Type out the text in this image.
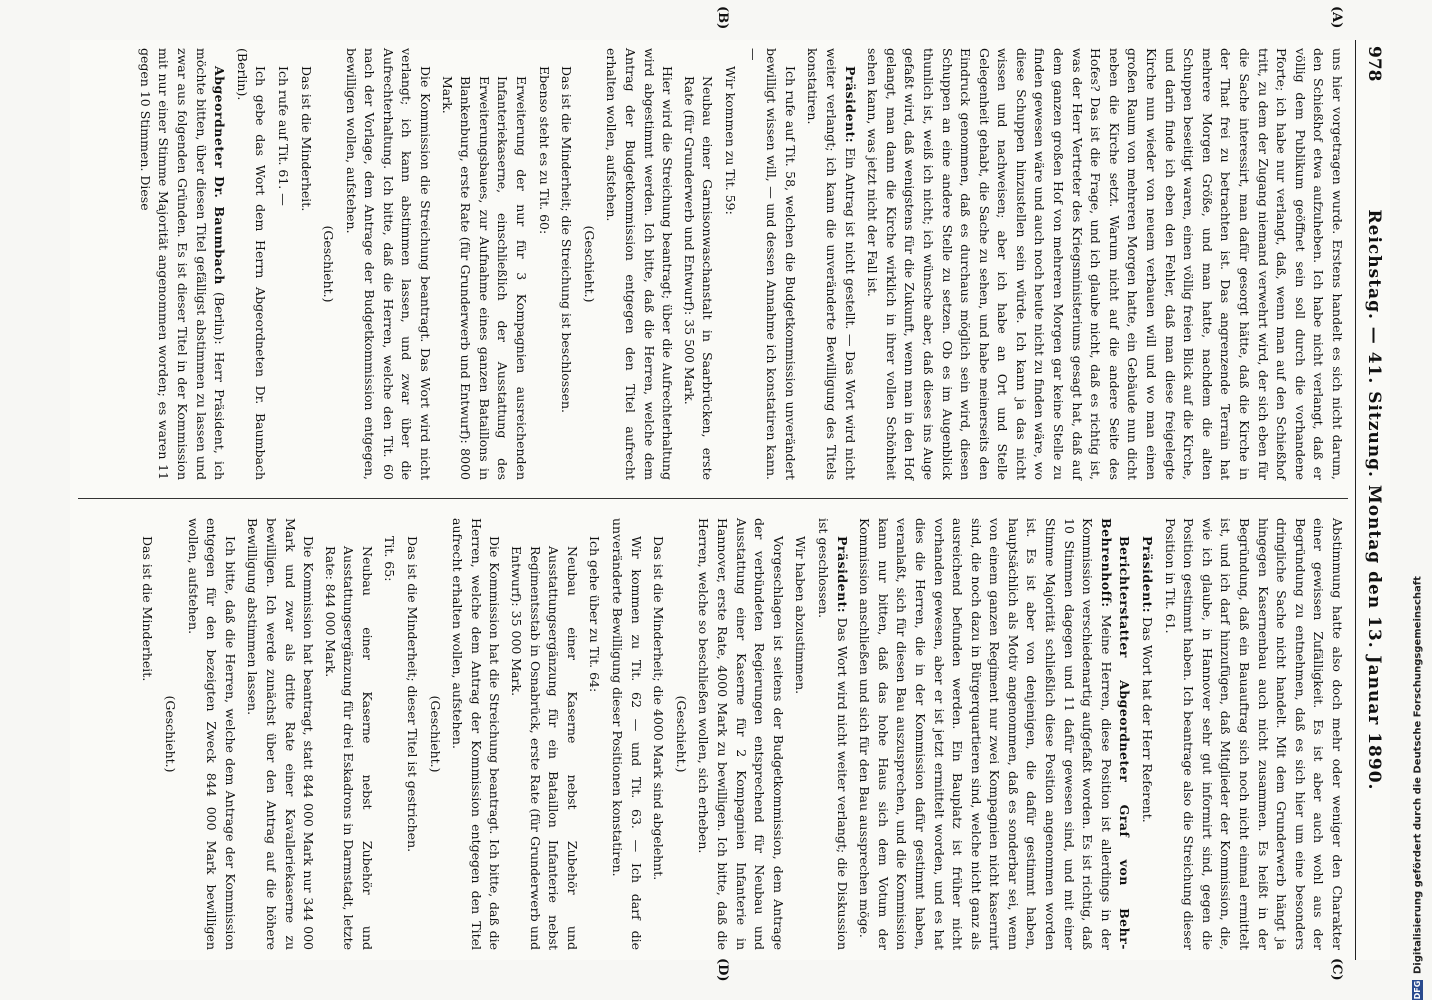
978
Reichstag. — 41. Sitzung. Montag den 13. Januar 1890.
(A)
(B)
(C)
(D)

uns hier vorgetragen wurde. Erstens handelt es sich nicht darum, den Schießhof etwa aufzuheben. Ich habe nicht verlangt, daß er völlig dem Publikum geöffnet sein soll durch die vorhandene Pforte; ich habe nur verlangt, daß, wenn man auf den Schießhof tritt, zu dem der Zugang niemand verwehrt wird, der sich eben für die Sache interessirt, man dafür gesorgt hätte, daß die Kirche in der That frei zu betrachten ist. Das angrenzende Terrain hat mehrere Morgen Größe, und man hatte, nachdem die alten Schuppen beseitigt waren, einen völlig freien Blick auf die Kirche, und darin finde ich eben den Fehler, daß man diese freigelegte Kirche nun wieder von neuem verbauen will und wo man einen großen Raum von mehreren Morgen hatte, ein Gebäude nun dicht neben die Kirche setzt. Warum nicht auf die andere Seite des Hofes? Das ist die Frage, und ich glaube nicht, daß es richtig ist, was der Herr Vertreter des Kriegsministeriums gesagt hat, daß auf dem ganzen großen Hof von mehreren Morgen gar keine Stelle zu finden gewesen wäre und auch noch heute nicht zu finden wäre, wo diese Schuppen hinzustellen sein würde. Ich kann ja das nicht wissen und nachweisen; aber ich habe an Ort und Stelle Gelegenheit gehabt, die Sache zu sehen, und habe meinerseits den Eindruck genommen, daß es durchaus möglich sein wird, diesen Schuppen an eine andere Stelle zu setzen. Ob es im Augenblick thunlich ist, weiß ich nicht; ich wünsche aber, daß dieses ins Auge gefaßt wird, daß wenigstens für die Zukunft, wenn man in den Hof gelangt, man dann die Kirche wirklich in ihrer vollen Schönheit sehen kann, was jetzt nicht der Fall ist.

Präsident: Ein Antrag ist nicht gestellt. — Das Wort wird nicht weiter verlangt; ich kann die unveränderte Bewilligung des Titels konstatiren.

Ich rufe auf Tit. 58, welchen die Budgetkommission unverändert bewilligt wissen will, — und dessen Annahme ich konstatiren kann. —

Wir kommen zu Tit. 59:

Neubau einer Garnisonwaschanstalt in Saarbrücken, erste Rate (für Grunderwerb und Entwurf): 35 500 Mark.

Hier wird die Streichung beantragt; über die Aufrechterhaltung wird abgestimmt werden. Ich bitte, daß die Herren, welche dem Antrag der Budgetkommission entgegen den Titel aufrecht erhalten wollen, aufstehen.

(Geschieht.)

Das ist die Minderheit; die Streichung ist beschlossen.

Ebenso steht es zu Tit. 60:

Erweiterung der nur für 3 Kompagnien ausreichenden Infanteriekaserne, einschließlich der Ausstattung des Erweiterungsbaues, zur Aufnahme eines ganzen Bataillons in Blankenburg, erste Rate (für Grunderwerb und Entwurf): 8000 Mark.

Die Kommission die Streichung beantragt. Das Wort wird nicht verlangt; ich kann abstimmen lassen, und zwar über die Aufrechterhaltung. Ich bitte, daß die Herren, welche den Tit. 60 nach der Vorlage, dem Antrage der Budgetkommission entgegen, bewilligen wollen, aufstehen.

(Geschieht.)

Das ist die Minderheit.

Ich rufe auf Tit. 61. —

Ich gebe das Wort dem Herrn Abgeordneten Dr. Baumbach (Berlin).

Abgeordneter Dr. Baumbach (Berlin): Herr Präsident, ich möchte bitten, über diesen Titel gefälligst abstimmen zu lassen und zwar aus folgenden Gründen. Es ist dieser Titel in der Kommission mit nur einer Stimme Majorität angenommen worden; es waren 11 gegen 10 Stimmen. Diese

Abstimmung hatte also doch mehr oder weniger den Charakter einer gewissen Zufälligkeit. Es ist aber auch wohl aus der Begründung zu entnehmen, daß es sich hier um eine besonders dringliche Sache nicht handelt. Mit dem Grunderwerb hängt ja hingegen Kasernenbau auch nicht zusammen. Es heißt in der Begründung, daß ein Bauauftrag sich noch nicht einmal ermittelt ist, und ich darf hinzufügen, daß Mitglieder der Kommission, die, wie ich glaube, in Hannover sehr gut informirt sind, gegen die Position gestimmt haben. Ich beantrage also die Streichung dieser Position in Tit. 61.

Präsident: Das Wort hat der Herr Referent.

Berichterstatter Abgeordneter Graf von Behr-Behrenhoff: Meine Herren, diese Position ist allerdings in der Kommission verschiedenartig aufgefaßt worden. Es ist richtig, daß 10 Stimmen dagegen und 11 dafür gewesen sind, und mit einer Stimme Majorität schließlich diese Position angenommen worden ist. Es ist aber von denjenigen, die dafür gestimmt haben, hauptsächlich als Motiv angenommen, daß es sonderbar sei, wenn von einem ganzen Regiment nur zwei Kompagnien nicht kasernirt sind, die noch dazu in Bürgerquartieren sind, welche nicht ganz als ausreichend befunden werden. Ein Bauplatz ist früher nicht vorhanden gewesen, aber er ist jetzt ermittelt worden, und es hat dies die Herren, die in der Kommission dafür gestimmt haben, veranlaßt, sich für diesen Bau auszusprechen, und die Kommission kann nur bitten, daß das hohe Haus sich dem Votum der Kommission anschließen und sich für den Bau aussprechen möge.

Präsident: Das Wort wird nicht weiter verlangt; die Diskussion ist geschlossen.

Wir haben abzustimmen.

Vorgeschlagen ist seitens der Budgetkommission, dem Antrage der verbündeten Regierungen entsprechend für Neubau und Ausstattung einer Kaserne für 2 Kompagnien Infanterie in Hannover, erste Rate, 4000 Mark zu bewilligen. Ich bitte, daß die Herren, welche so beschließen wollen, sich erheben.

(Geschieht.)

Das ist die Minderheit; die 4000 Mark sind abgelehnt.

Wir kommen zu Tit. 62 — und Tit. 63. — Ich darf die unveränderte Bewilligung dieser Positionen konstatiren.

Ich gehe über zu Tit. 64:

Neubau einer Kaserne nebst Zubehör und Ausstattungsergänzung für ein Bataillon Infanterie nebst Regimentsstab in Osnabrück, erste Rate (für Grunderwerb und Entwurf): 35 000 Mark.

Die Kommission hat die Streichung beantragt. Ich bitte, daß die Herren, welche dem Antrag der Kommission entgegen den Titel aufrecht erhalten wollen, aufstehen.

(Geschieht.)

Das ist die Minderheit; dieser Titel ist gestrichen.

Tit. 65:

Neubau einer Kaserne nebst Zubehör und Ausstattungsergänzung für drei Eskadrons in Darmstadt, letzte Rate: 844 000 Mark.

Die Kommission hat beantragt, statt 844 000 Mark nur 344 000 Mark und zwar als dritte Rate einer Kavalleriekaserne zu bewilligen. Ich werde zunächst über den Antrag auf die höhere Bewilligung abstimmen lassen.

Ich bitte, daß die Herren, welche dem Antrage der Kommission entgegen für den bezeigten Zweck 844 000 Mark bewilligen wollen, aufstehen.

(Geschieht.)

Das ist die Minderheit.

DFGDigitalisierung gefördert durch die Deutsche Forschungsgemeinschaft
